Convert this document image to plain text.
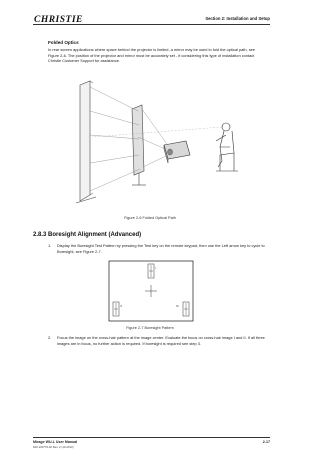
CHRISTIE	Section 2: Installation and Setup
Folded Optics
In rear screen applications where space behind the projector is limited, a mirror may be used to fold the optical path, see Figure 2-6. The position of the projector and mirror must be accurately set - if considering this type of installation contact Christie Customer Support for assistance.
Figure 2-6 Folded Optical Path
2.8.3 Boresight Alignment (Advanced)
1. Display the Boresight Test Pattern by pressing the Test key on the remote keypad, then use the Left arrow key to cycle to Boresight, see Figure 2-7.
I
II	III
Figure 2-7 Boresight Pattern
2. Focus the image on the cross-hair pattern at the image center. Evaluate the focus on cross-hair image I and II. If all three images are in focus, no further action is required. If boresight is required see step 3.
Mirage WU-L User Manual
020-100779-02 Rev. 2 (10-2013)
2-17
